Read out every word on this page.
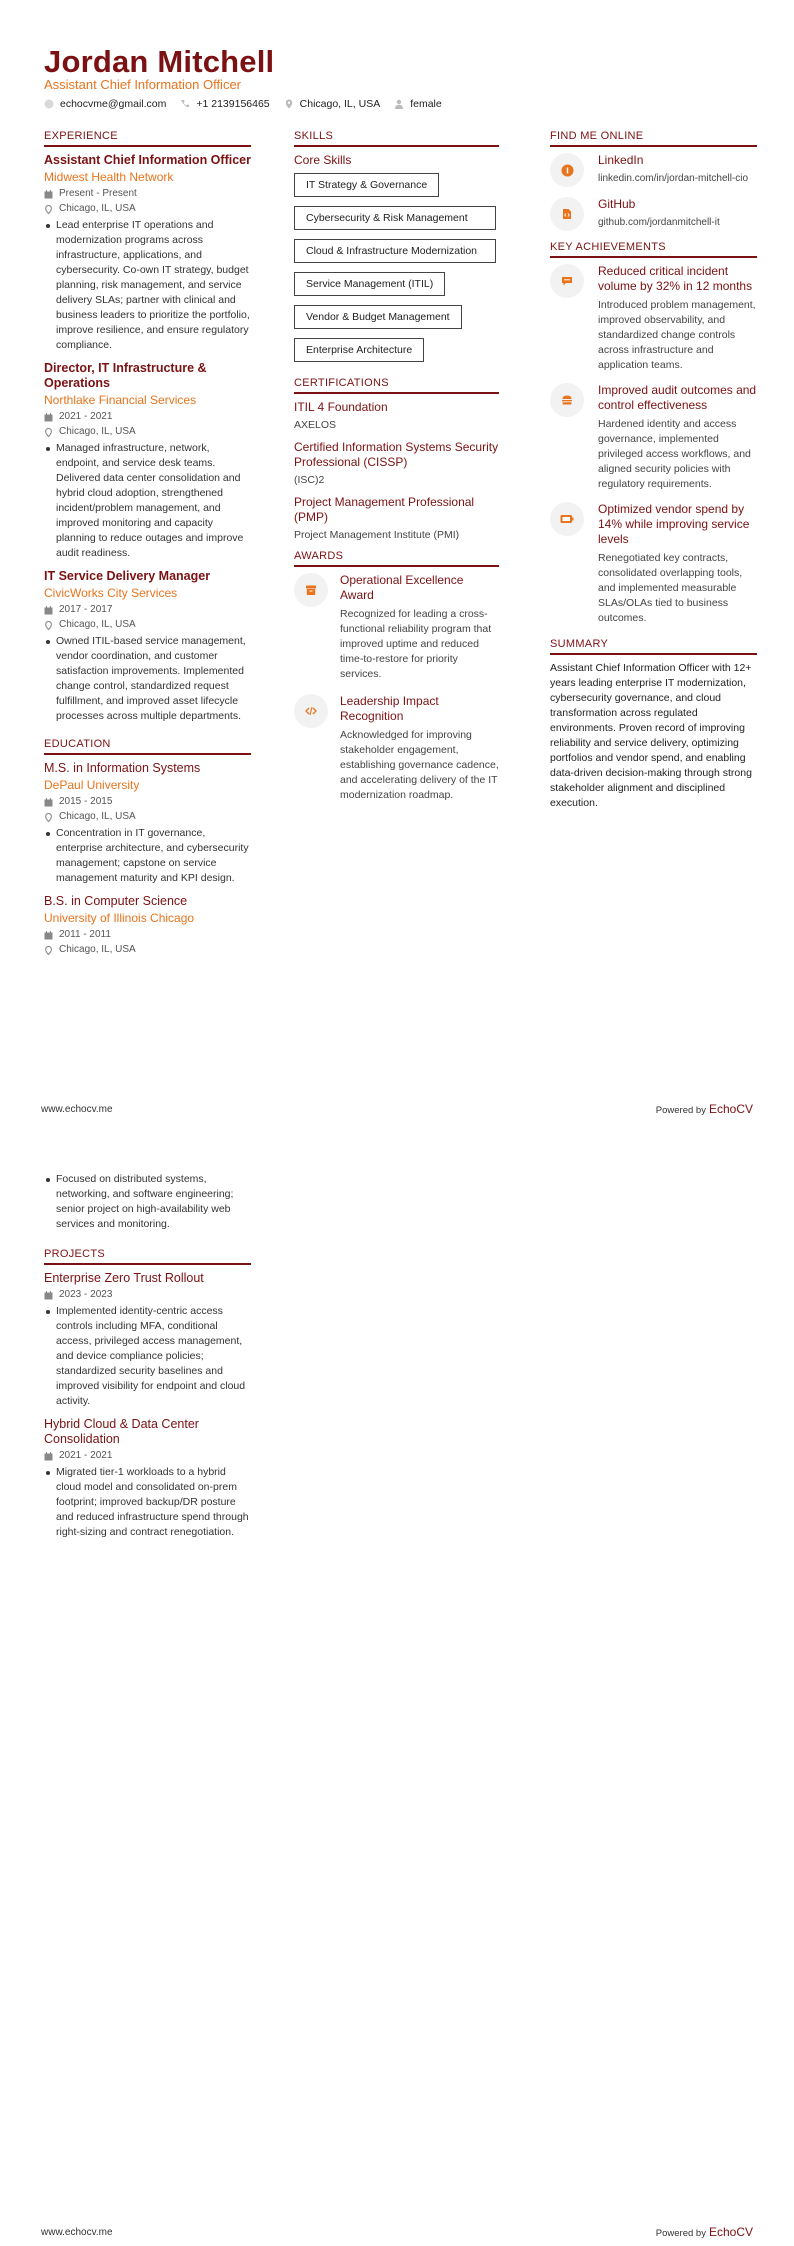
Jordan Mitchell
Assistant Chief Information Officer
echocvme@gmail.com	+1 2139156465	Chicago, IL, USA	female
EXPERIENCE
Assistant Chief Information Officer
Midwest Health Network
Present - Present
Chicago, IL, USA
Lead enterprise IT operations and modernization programs across infrastructure, applications, and cybersecurity. Co-own IT strategy, budget planning, risk management, and service delivery SLAs; partner with clinical and business leaders to prioritize the portfolio, improve resilience, and ensure regulatory compliance.
Director, IT Infrastructure & Operations
Northlake Financial Services
2021 - 2021
Chicago, IL, USA
Managed infrastructure, network, endpoint, and service desk teams. Delivered data center consolidation and hybrid cloud adoption, strengthened incident/problem management, and improved monitoring and capacity planning to reduce outages and improve audit readiness.
IT Service Delivery Manager
CivicWorks City Services
2017 - 2017
Chicago, IL, USA
Owned ITIL-based service management, vendor coordination, and customer satisfaction improvements. Implemented change control, standardized request fulfillment, and improved asset lifecycle processes across multiple departments.
EDUCATION
M.S. in Information Systems
DePaul University
2015 - 2015
Chicago, IL, USA
Concentration in IT governance, enterprise architecture, and cybersecurity management; capstone on service management maturity and KPI design.
B.S. in Computer Science
University of Illinois Chicago
2011 - 2011
Chicago, IL, USA
SKILLS
Core Skills
IT Strategy & Governance
Cybersecurity & Risk Management
Cloud & Infrastructure Modernization
Service Management (ITIL)
Vendor & Budget Management
Enterprise Architecture
CERTIFICATIONS
ITIL 4 Foundation
AXELOS
Certified Information Systems Security Professional (CISSP)
(ISC)2
Project Management Professional (PMP)
Project Management Institute (PMI)
AWARDS
Operational Excellence Award
Recognized for leading a cross-functional reliability program that improved uptime and reduced time-to-restore for priority services.
Leadership Impact Recognition
Acknowledged for improving stakeholder engagement, establishing governance cadence, and accelerating delivery of the IT modernization roadmap.
FIND ME ONLINE
LinkedIn
linkedin.com/in/jordan-mitchell-cio
GitHub
github.com/jordanmitchell-it
KEY ACHIEVEMENTS
Reduced critical incident volume by 32% in 12 months
Introduced problem management, improved observability, and standardized change controls across infrastructure and application teams.
Improved audit outcomes and control effectiveness
Hardened identity and access governance, implemented privileged access workflows, and aligned security policies with regulatory requirements.
Optimized vendor spend by 14% while improving service levels
Renegotiated key contracts, consolidated overlapping tools, and implemented measurable SLAs/OLAs tied to business outcomes.
SUMMARY
Assistant Chief Information Officer with 12+ years leading enterprise IT modernization, cybersecurity governance, and cloud transformation across regulated environments. Proven record of improving reliability and service delivery, optimizing portfolios and vendor spend, and enabling data-driven decision-making through strong stakeholder alignment and disciplined execution.
www.echocv.me	Powered by EchoCV
Focused on distributed systems, networking, and software engineering; senior project on high-availability web services and monitoring.
PROJECTS
Enterprise Zero Trust Rollout
2023 - 2023
Implemented identity-centric access controls including MFA, conditional access, privileged access management, and device compliance policies; standardized security baselines and improved visibility for endpoint and cloud activity.
Hybrid Cloud & Data Center Consolidation
2021 - 2021
Migrated tier-1 workloads to a hybrid cloud model and consolidated on-prem footprint; improved backup/DR posture and reduced infrastructure spend through right-sizing and contract renegotiation.
www.echocv.me	Powered by EchoCV
